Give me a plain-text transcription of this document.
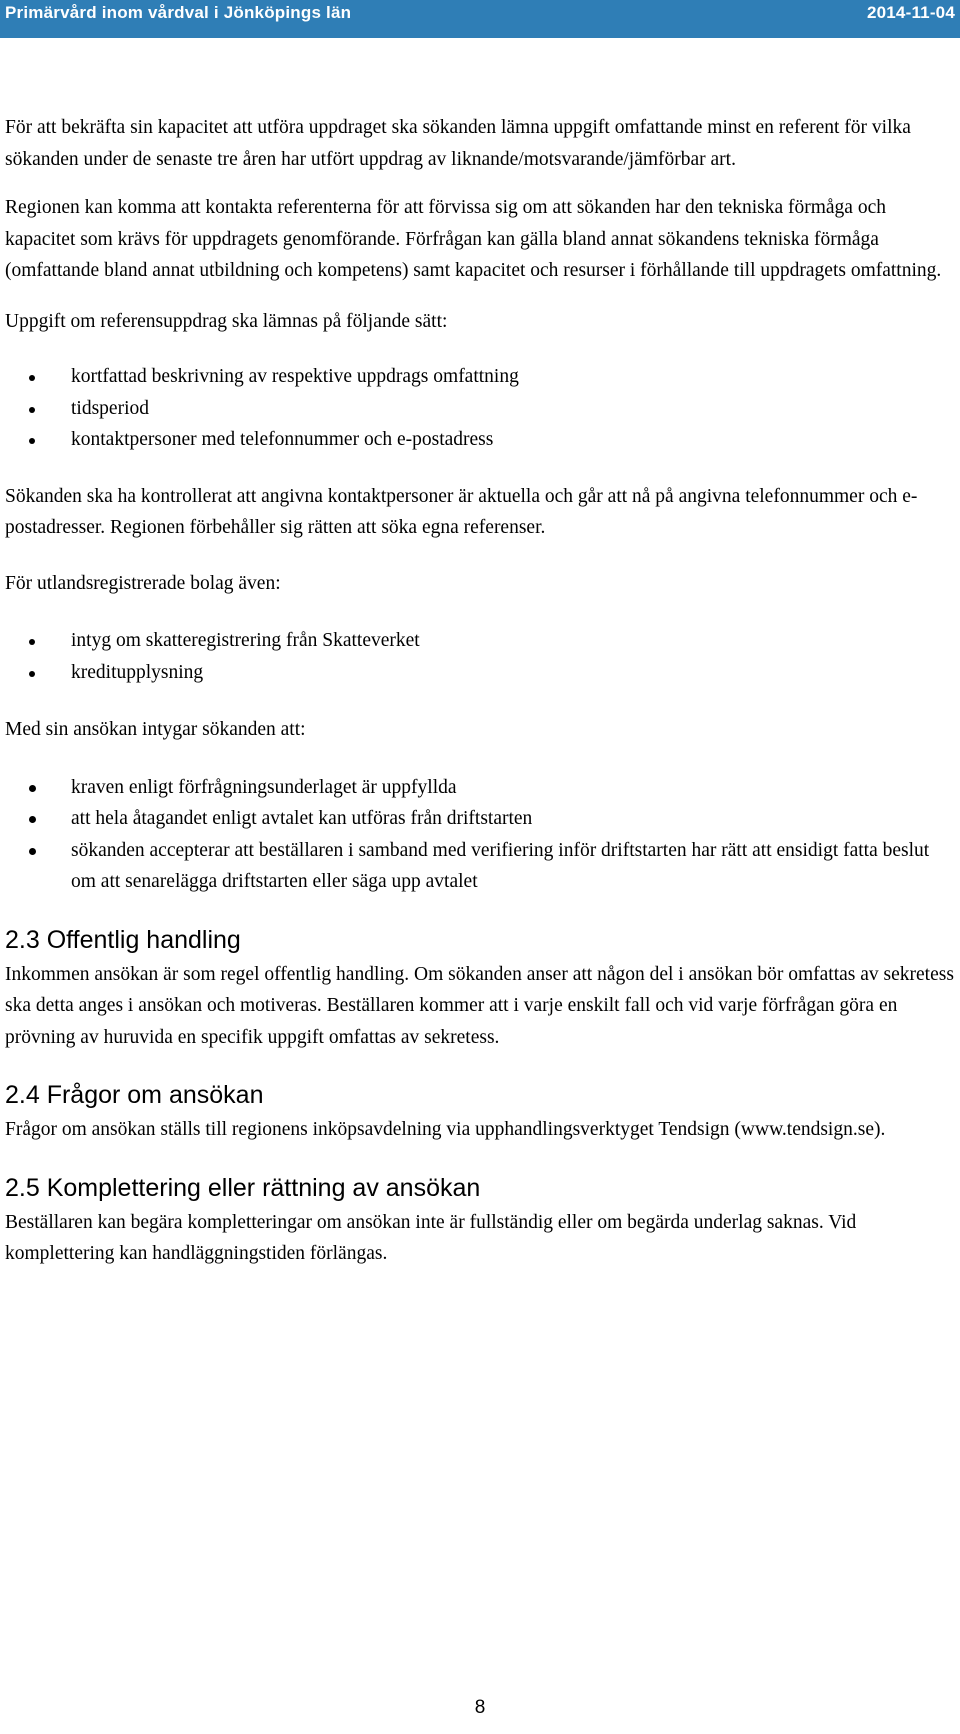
Primärvård inom vårdval i Jönköpings län	2014-11-04

För att bekräfta sin kapacitet att utföra uppdraget ska sökanden lämna uppgift omfattande minst en referent för vilka sökanden under de senaste tre åren har utfört uppdrag av liknande/motsvarande/jämförbar art.

Regionen kan komma att kontakta referenterna för att förvissa sig om att sökanden har den tekniska förmåga och kapacitet som krävs för uppdragets genomförande. Förfrågan kan gälla bland annat sökandens tekniska förmåga (omfattande bland annat utbildning och kompetens) samt kapacitet och resurser i förhållande till uppdragets omfattning.

Uppgift om referensuppdrag ska lämnas på följande sätt:

kortfattad beskrivning av respektive uppdrags omfattning
tidsperiod
kontaktpersoner med telefonnummer och e-postadress

Sökanden ska ha kontrollerat att angivna kontaktpersoner är aktuella och går att nå på angivna telefonnummer och e-postadresser. Regionen förbehåller sig rätten att söka egna referenser.

För utlandsregistrerade bolag även:

intyg om skatteregistrering från Skatteverket
kreditupplysning

Med sin ansökan intygar sökanden att:

kraven enligt förfrågningsunderlaget är uppfyllda
att hela åtagandet enligt avtalet kan utföras från driftstarten
sökanden accepterar att beställaren i samband med verifiering inför driftstarten har rätt att ensidigt fatta beslut om att senarelägga driftstarten eller säga upp avtalet
2.3 Offentlig handling

Inkommen ansökan är som regel offentlig handling. Om sökanden anser att någon del i ansökan bör omfattas av sekretess ska detta anges i ansökan och motiveras. Beställaren kommer att i varje enskilt fall och vid varje förfrågan göra en prövning av huruvida en specifik uppgift omfattas av sekretess.

2.4 Frågor om ansökan

Frågor om ansökan ställs till regionens inköpsavdelning via upphandlingsverktyget Tendsign (www.tendsign.se).

2.5 Komplettering eller rättning av ansökan

Beställaren kan begära kompletteringar om ansökan inte är fullständig eller om begärda underlag saknas. Vid komplettering kan handläggningstiden förlängas.

8
